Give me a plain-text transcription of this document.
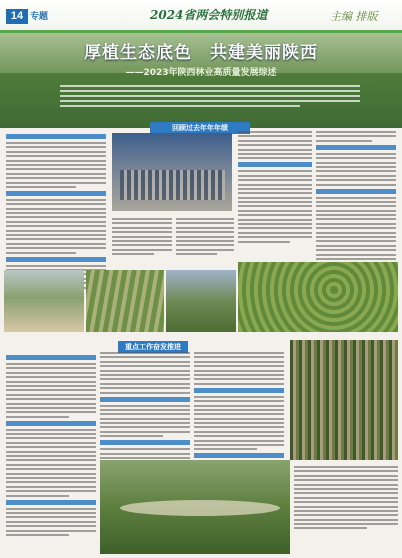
14 专题	2024省两会特别报道	主编 排版
厚植生态底色　共建美丽陕西
——2023年陕西林业高质量发展综述
回顾过去年年年绩
重点工作奋发推进
